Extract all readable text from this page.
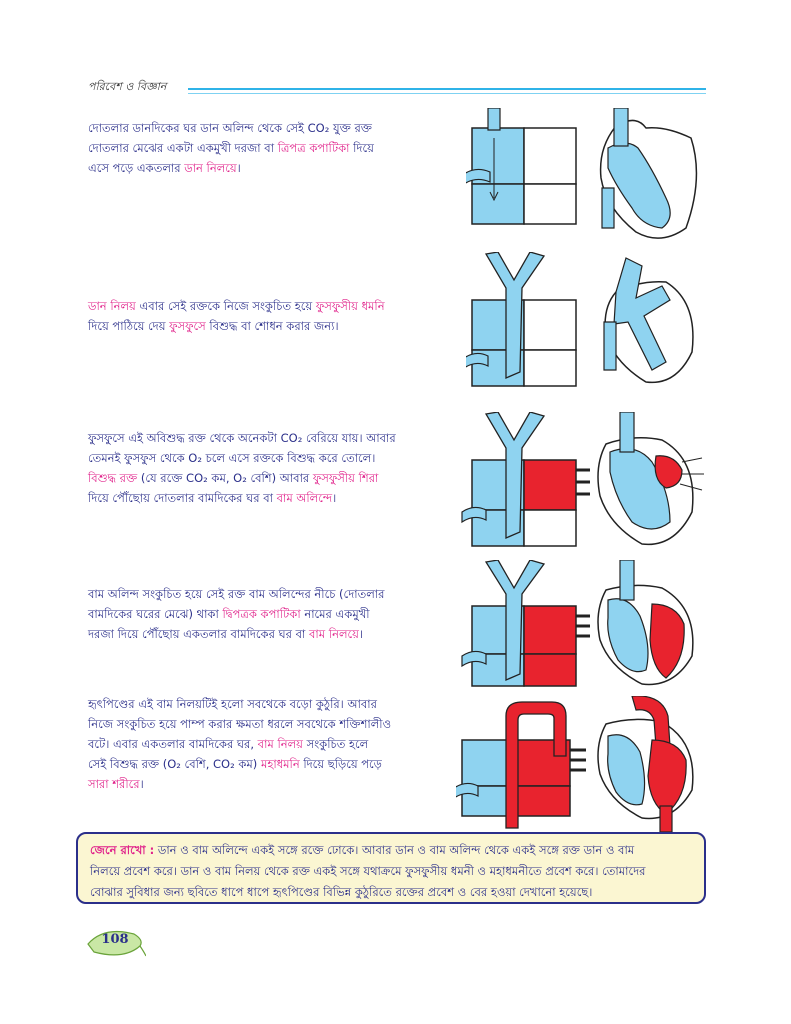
পরিবেশ ও বিজ্ঞান

দোতলার ডানদিকের ঘর ডান অলিন্দ থেকে সেই CO₂ যুক্ত রক্ত

দোতলার মেঝের একটা একমুখী দরজা বা ত্রিপত্র কপাটিকা দিয়ে

এসে পড়ে একতলার ডান নিলয়ে।

ডান নিলয় এবার সেই রক্তকে নিজে সংকুচিত হয়ে ফুসফুসীয় ধমনি

দিয়ে পাঠিয়ে দেয় ফুসফুসে বিশুদ্ধ বা শোধন করার জন্য।

ফুসফুসে এই অবিশুদ্ধ রক্ত থেকে অনেকটা CO₂ বেরিয়ে যায়। আবার

তেমনই ফুসফুস থেকে O₂ চলে এসে রক্তকে বিশুদ্ধ করে তোলে।

বিশুদ্ধ রক্ত (যে রক্তে CO₂ কম, O₂ বেশি) আবার ফুসফুসীয় শিরা

দিয়ে পৌঁছোয় দোতলার বামদিকের ঘর বা বাম অলিন্দে।

বাম অলিন্দ সংকুচিত হয়ে সেই রক্ত বাম অলিন্দের নীচে (দোতলার

বামদিকের ঘরের মেঝে) থাকা দ্বিপত্রক কপাটিকা নামের একমুখী

দরজা দিয়ে পৌঁছোয় একতলার বামদিকের ঘর বা বাম নিলয়ে।

হৃৎপিণ্ডের এই বাম নিলয়টিই হলো সবথেকে বড়ো কুঠুরি। আবার

নিজে সংকুচিত হয়ে পাম্প করার ক্ষমতা ধরলে সবথেকে শক্তিশালীও

বটে। এবার একতলার বামদিকের ঘর, বাম নিলয় সংকুচিত হলে

সেই বিশুদ্ধ রক্ত (O₂ বেশি, CO₂ কম) মহাধমনি দিয়ে ছড়িয়ে পড়ে

সারা শরীরে।

জেনে রাখো : ডান ও বাম অলিন্দে একই সঙ্গে রক্তে ঢোকে। আবার ডান ও বাম অলিন্দ থেকে একই সঙ্গে রক্ত ডান ও বাম
নিলয়ে প্রবেশ করে। ডান ও বাম নিলয় থেকে রক্ত একই সঙ্গে যথাক্রমে ফুসফুসীয় ধমনী ও মহাধমনীতে প্রবেশ করে। তোমাদের
বোঝার সুবিধার জন্য ছবিতে ধাপে ধাপে হৃৎপিণ্ডের বিভিন্ন কুঠুরিতে রক্তের প্রবেশ ও বের হওয়া দেখানো হয়েছে।
108
